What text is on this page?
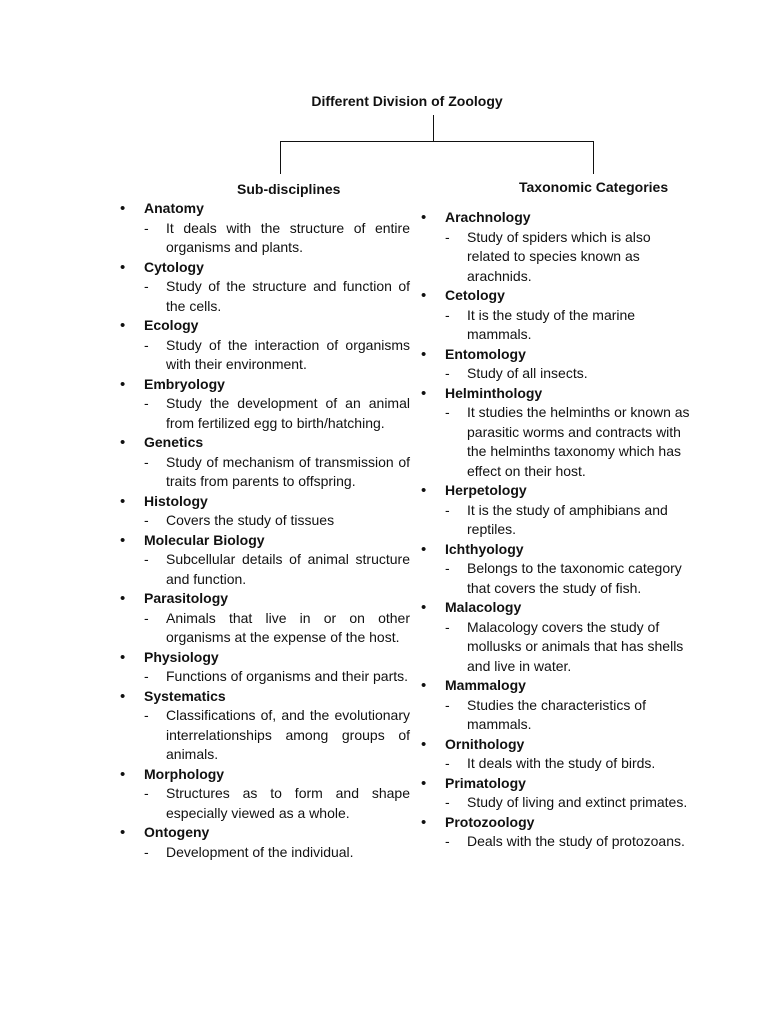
Different Division of Zoology
Sub-disciplines	Taxonomic Categories
• Anatomy
- It deals with the structure of entire organisms and plants.
• Cytology
- Study of the structure and function of the cells.
• Ecology
- Study of the interaction of organisms with their environment.
• Embryology
- Study the development of an animal from fertilized egg to birth/hatching.
• Genetics
- Study of mechanism of transmission of traits from parents to offspring.
• Histology
- Covers the study of tissues
• Molecular Biology
- Subcellular details of animal structure and function.
• Parasitology
- Animals that live in or on other organisms at the expense of the host.
• Physiology
- Functions of organisms and their parts.
• Systematics
- Classifications of, and the evolutionary interrelationships among groups of animals.
• Morphology
- Structures as to form and shape especially viewed as a whole.
• Ontogeny
- Development of the individual.
• Arachnology
- Study of spiders which is also related to species known as arachnids.
• Cetology
- It is the study of the marine mammals.
• Entomology
- Study of all insects.
• Helminthology
- It studies the helminths or known as parasitic worms and contracts with the helminths taxonomy which has effect on their host.
• Herpetology
- It is the study of amphibians and reptiles.
• Ichthyology
- Belongs to the taxonomic category that covers the study of fish.
• Malacology
- Malacology covers the study of mollusks or animals that has shells and live in water.
• Mammalogy
- Studies the characteristics of mammals.
• Ornithology
- It deals with the study of birds.
• Primatology
- Study of living and extinct primates.
• Protozoology
- Deals with the study of protozoans.
